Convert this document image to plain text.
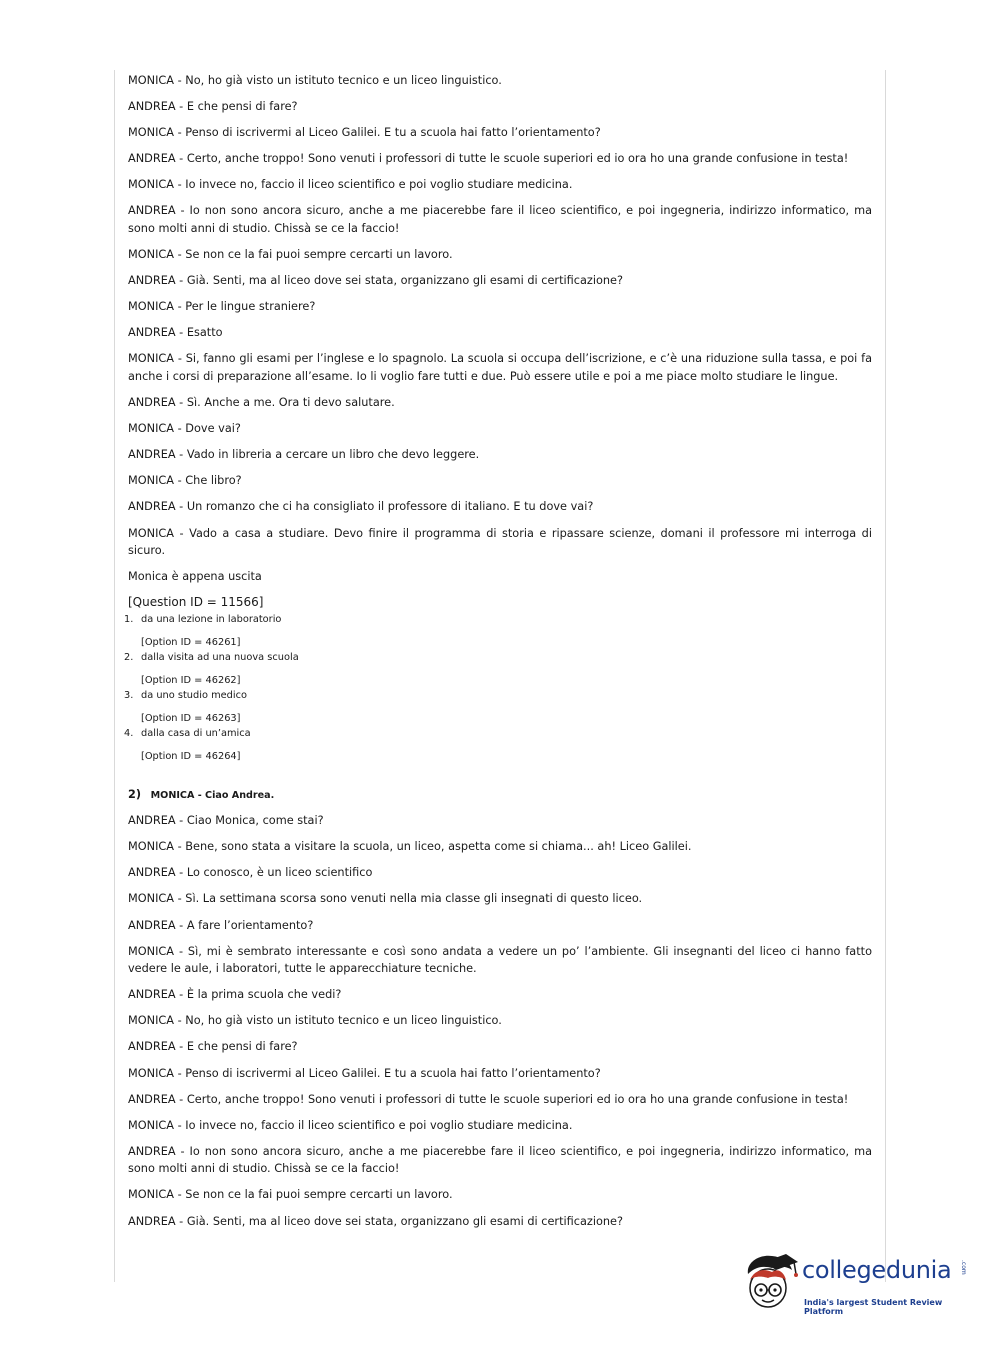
MONICA - No, ho già visto un istituto tecnico e un liceo linguistico.

ANDREA - E che pensi di fare?

MONICA - Penso di iscrivermi al Liceo Galilei. E tu a scuola hai fatto l’orientamento?

ANDREA - Certo, anche troppo! Sono venuti i professori di tutte le scuole superiori ed io ora ho una grande confusione in testa!

MONICA - Io invece no, faccio il liceo scientifico e poi voglio studiare medicina.

ANDREA - Io non sono ancora sicuro, anche a me piacerebbe fare il liceo scientifico, e poi ingegneria, indirizzo informatico, ma sono molti anni di studio. Chissà se ce la faccio!

MONICA - Se non ce la fai puoi sempre cercarti un lavoro.

ANDREA - Già. Senti, ma al liceo dove sei stata, organizzano gli esami di certificazione?

MONICA - Per le lingue straniere?

ANDREA - Esatto

MONICA - Si, fanno gli esami per l’inglese e lo spagnolo. La scuola si occupa dell’iscrizione, e c’è una riduzione sulla tassa, e poi fa anche i corsi di preparazione all’esame. Io li voglio fare tutti e due. Può essere utile e poi a me piace molto studiare le lingue.

ANDREA - Sì. Anche a me. Ora ti devo salutare.

MONICA - Dove vai?

ANDREA - Vado in libreria a cercare un libro che devo leggere.

MONICA - Che libro?

ANDREA - Un romanzo che ci ha consigliato il professore di italiano. E tu dove vai?

MONICA - Vado a casa a studiare. Devo finire il programma di storia e ripassare scienze, domani il professore mi interroga di sicuro.

Monica è appena uscita

[Question ID = 11566]
1. da una lezione in laboratorio
[Option ID = 46261]
2. dalla visita ad una nuova scuola
[Option ID = 46262]
3. da uno studio medico
[Option ID = 46263]
4. dalla casa di un’amica
[Option ID = 46264]
2) MONICA - Ciao Andrea.

ANDREA - Ciao Monica, come stai?

MONICA - Bene, sono stata a visitare la scuola, un liceo, aspetta come si chiama... ah! Liceo Galilei.

ANDREA - Lo conosco, è un liceo scientifico

MONICA - Sì. La settimana scorsa sono venuti nella mia classe gli insegnati di questo liceo.

ANDREA - A fare l’orientamento?

MONICA - Sì, mi è sembrato interessante e così sono andata a vedere un po’ l’ambiente. Gli insegnanti del liceo ci hanno fatto vedere le aule, i laboratori, tutte le apparecchiature tecniche.

ANDREA - È la prima scuola che vedi?

MONICA - No, ho già visto un istituto tecnico e un liceo linguistico.

ANDREA - E che pensi di fare?

MONICA - Penso di iscrivermi al Liceo Galilei. E tu a scuola hai fatto l’orientamento?

ANDREA - Certo, anche troppo! Sono venuti i professori di tutte le scuole superiori ed io ora ho una grande confusione in testa!

MONICA - Io invece no, faccio il liceo scientifico e poi voglio studiare medicina.

ANDREA - Io non sono ancora sicuro, anche a me piacerebbe fare il liceo scientifico, e poi ingegneria, indirizzo informatico, ma sono molti anni di studio. Chissà se ce la faccio!

MONICA - Se non ce la fai puoi sempre cercarti un lavoro.

ANDREA - Già. Senti, ma al liceo dove sei stata, organizzano gli esami di certificazione?

collegedunia .com
India's largest Student Review Platform
